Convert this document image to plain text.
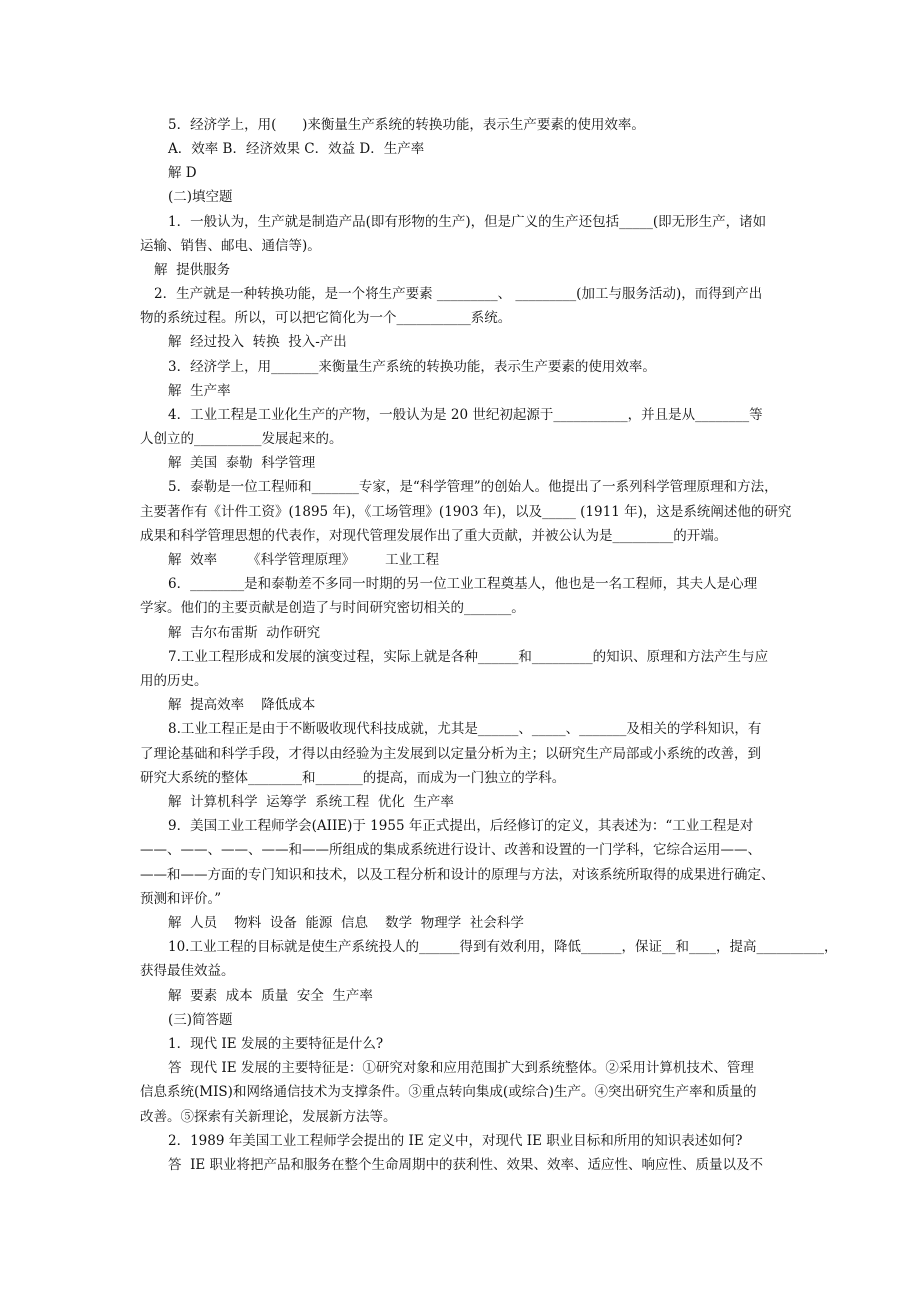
5．经济学上，用(      )来衡量生产系统的转换功能，表示生产要素的使用效率。
A．效率 B．经济效果 C．效益 D．生产率
解 D
(二)填空题
1．一般认为，生产就是制造产品(即有形物的生产)，但是广义的生产还包括_____(即无形生产，诸如
运输、销售、邮电、通信等)。
解  提供服务
2．生产就是一种转换功能，是一个将生产要素 _________、 _________(加工与服务活动)，而得到产出
物的系统过程。所以，可以把它简化为一个___________系统。
解  经过投入  转换  投入-产出
3．经济学上，用_______来衡量生产系统的转换功能，表示生产要素的使用效率。
解  生产率
4．工业工程是工业化生产的产物，一般认为是 20 世纪初起源于___________，并且是从________等
人创立的__________发展起来的。
解  美国  泰勒  科学管理
5．泰勒是一位工程师和_______专家，是“科学管理”的创始人。他提出了一系列科学管理原理和方法，
主要著作有《计件工资》(1895 年)，《工场管理》(1903 年)，以及_____ (1911 年)，这是系统阐述他的研究
成果和科学管理思想的代表作，对现代管理发展作出了重大贡献，并被公认为是_________的开端。
解  效率       《科学管理原理》       工业工程
6．________是和泰勒差不多同一时期的另一位工业工程奠基人，他也是一名工程师，其夫人是心理
学家。他们的主要贡献是创造了与时间研究密切相关的_______。
解  吉尔布雷斯  动作研究
7.工业工程形成和发展的演变过程，实际上就是各种______和_________的知识、原理和方法产生与应
用的历史。
解  提高效率    降低成本
8.工业工程正是由于不断吸收现代科技成就，尤其是______、_____、_______及相关的学科知识，有
了理论基础和科学手段，才得以由经验为主发展到以定量分析为主；以研究生产局部或小系统的改善，到
研究大系统的整体________和_______的提高，而成为一门独立的学科。
解  计算机科学  运筹学  系统工程  优化  生产率
9．美国工业工程师学会(AIIE)于 1955 年正式提出，后经修订的定义，其表述为：“工业工程是对
——、——、——、——和——所组成的集成系统进行设计、改善和设置的一门学科，它综合运用——、
——和——方面的专门知识和技术，以及工程分析和设计的原理与方法，对该系统所取得的成果进行确定、
预测和评价。”
解  人员    物料  设备  能源  信息    数学  物理学  社会科学
10.工业工程的目标就是使生产系统投人的______得到有效利用，降低______，保证__和____，提高__________，
获得最佳效益。
解  要素  成本  质量  安全  生产率
(三)简答题
1．现代 IE 发展的主要特征是什么?
答  现代 IE 发展的主要特征是：①研究对象和应用范围扩大到系统整体。②采用计算机技术、管理
信息系统(MIS)和网络通信技术为支撑条件。③重点转向集成(或综合)生产。④突出研究生产率和质量的
改善。⑤探索有关新理论，发展新方法等。
2．1989 年美国工业工程师学会提出的 IE 定义中，对现代 IE 职业目标和所用的知识表述如何?
答  IE 职业将把产品和服务在整个生命周期中的获利性、效果、效率、适应性、响应性、质量以及不
